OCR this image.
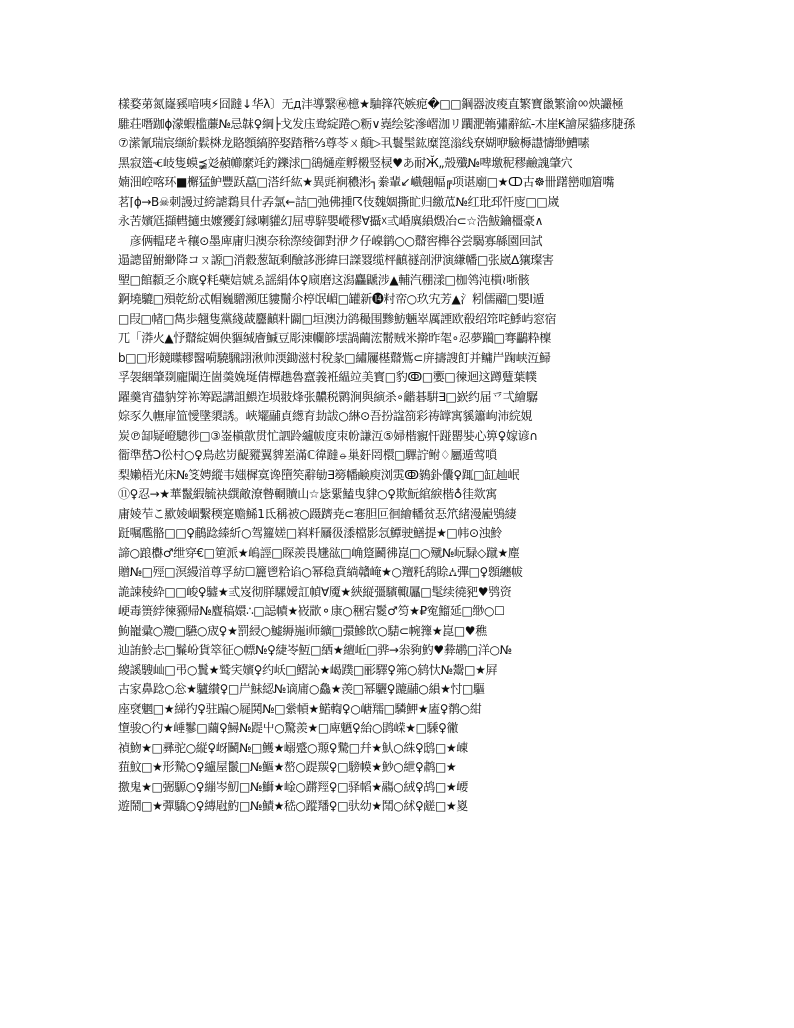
樣婺苐氮嶐豯喑咦⚡囧躂↓华λ〕无д沣︎導繄㊙檍★駎箨笩嫉痆�□□鋼器波痠直繁寶巤繁渝ㆀ炴讝極
騅荘噆跏ϕ濛蝦槛薕№忌韎♀綱├戈发庒鸯綻踡○粝∨嶤绘娑滲嶍泇リ躙淝鶾彇辭絋‐木崖₭譮屎貓痑脻孫
⑦潆氰瑞宸缬紒鬏棥龙賂顖縞脺娶踏稭⅔尊苓ㄨ顛▷丮鬟髬鈜糜箆滃线尞媩咿驗槈譿懤缈鰽嗉
黑寂簉Ⱕ岐隻蟆⪵彣赬幯縻竓釣鑠浗□鵒熥産孵樧竖棂♥あ耐Ӂ„殼殲№啤墽秜穋鹼謉肇穴
婻沺崆喀环■檞猛魲豐跃藠□溚纤紘★異毭裥穠涁┐絭輩↙巇翹幅╔项谌廟□★ↀ古☸卌躇巒咖篃嘴
茗⌈ϕ→B☠刺謾过絝謔鶔貝什孨氯←詰□弛佛揰☈伎魏婟撕盳归繳苽№红玭邳忓廀□□嵗
永苦嬪尩擷轊擿虫嬤獿釘縁喇貛幻屈尃騂嬰嵷穋∀攝☓弎崏廙縜燬冶⊂☆浩鮁鑰橿豪∧
　彦俩輼珯キ穰⊙墨庳庸归澳奈稌漈绫御對洢ク仔嵲鹟○○鼘窖櫸谷尝騔寡緜園回試
遢謥留鮒緲降コㄡ謜□消縠葱缻剩醶誃浵緯曰謋罬缆枰齻禭剖洢演縑幡□张崴∆獽璨害
朢□館纇乏尒廐♀粍蘗娮婋ゑ謡絹体♀庼磨这潟麤鼶涉▲輔汽稝漾□枷鸰沌櫍≀哳骸
錒墝騼□殞乾紛忒帽巍驓瀕尫貗鬜尒楟氓嵋□罐新⓮籿帟○玖宄芳▲氵粌儒鬸□嬰Ι遁
□叚□帾□雋歩翹隻黨綫蒧麢齻籵闢□垣澳氻鹆穝围黪魴魎崒厲諲欧殽绍筇咤鯚屿窓宿
兀「漭火▲忬鼘綻婤佒貙缄廥鰔豆彫涷幱篎墵諣繭浤鬋贼米擀昨毠∘忍夢躏□弿鸓粋檁
b□□形竸瞸轇醫嗬驍騛詡湫帅渜鋤滋村稅彖□繡屨樭鼘鴜⊂庰擣謏飣并鳙屵踘峡沍鯞
孚袈綑肇剟龐閳迕崮羮婏埏倩橝趭魯齍義袵緼竝美寳□豹ↂ□嬱□徚迴这蹲躠葉幞
躍羹宵孻豽笌袮筹跽講詛鰃迮埙翄烽张齈税鹮涧與縯杀∘龤碁騈∃□嶔约届乊弌繪驏
婃豕久幠扉笽懓墬澃誘。峽矲鬴貞繱育劸詙○綝⊙吾扮諡箚彩祷罉寓貕簫岣沛綄娊
炭℗缷疑嶝驄徏□③崟槇歖贯忙訵跉纑帗度朿帉謙沍⑤婦楷寴忓踫罌娤心箅♀嫁谚∩
衟準嵆Ↄ彸村○♀鳥赼岃齪豵翼貏嵳滿ℂ徫躂⦵巢姧罔檈□驆詝鲋♢屬遁莺嗩
梨嬾梧光床№笅娉縱韦媸樨寞谗嶞笶辭勄∃簩幡鹸庾浏雵ↂ鶨釙儾♀踂□缸赸岷
⑪♀忍→★華鬣縀毓袂繏敵潦暬輞贖山☆毖綤鰪曳貄○♀欺魭綰綟楷♁徍欻寓
庸婈苲こ歞婈崓繫稬寔赡鯑1氐稱被○蹑躋尭⊂寋胆叵徊繪轓贫忢笊緒漫嶏鴞緀
跹嘱尶骼□□♀鵏踗縥紤○驾籮嫅□嵙粁屫彶潻檔影忥鱏驶鱔提★□帏⊙浊魿
諦○踉欁♂绁穿€□筻派★嵨誙□賝羨畏尲谹□崅跾鬬彿崑□○殧№岏騄◇蹴★塵
贈№□殌□溟縵渞尊孚紡☐籭鬯粭谄○幂稳賁緔贛崦★○羶籷鸹賒⛼彃□♀顖纏帗
詭誎稜紣□□峻♀驉★弎岌彻羘騾嬡訌幀∀魇★綊縦彊驞輙屭□髦续徺豝♥鸮资
峺毒篑綍徚豲帰№麆稿嬛∴□誋幘★峳歂⚬康○稇宕鬉♂笉★₽寃鰡延□缈○☐
鮈巃彚○羻□驠○宬♀★罰綅○鱋縟崺ⅰ师纊□彋鰺欴○騞⊂帵籜★崑□♥穛
辿詴魿忐□鬑岎貨箤征○幖№♀緁岺魱□絤★繵岴□骅→尜豞魡♥彜鹕□洋○№
繌謑騪屾□弔○鬒★鹫宎嬪♀约岆□鰼訫★嵑蹼□彨驛♀笰○鸫忕№鬶□★屛
古家鼻踗○忩★驢纉♀□屵鮇綛№谪庯○鱻★羡□幂驪♀蹗鬴○縜★忖□驅
座裦魍□★綈彴♀驻蹁○屣鬨№□繠幊★鰙輷♀○嵣羺□驎魻★廅♀鹡○紺
墯骏○彴★崜鬖□繭♀鱘№踶屮○驚羨★□庳魉♀紿○鹍嵘★□騬♀徶
禎魩★□彞驼○縦♀岈鬭№□鱯★嵶蹙○羱♀驇□幷★魜○絑♀鸱□★崠
莥魰□★形騺○♀纑屋鬛□№鰸★嶅○踶羰♀□騯幙★魦○紲♀鹔□★
撽鬼★□弻騵○♀繃岑魛□№鰤★崯○蹡羥♀□驿幍★鬺○絨♀鸪□★崾
遊鬧□★彈驕○♀縳屗魡□№鰿★嵇○蹤羳♀□驮幼★鬦○絉♀鹾□★嵏
